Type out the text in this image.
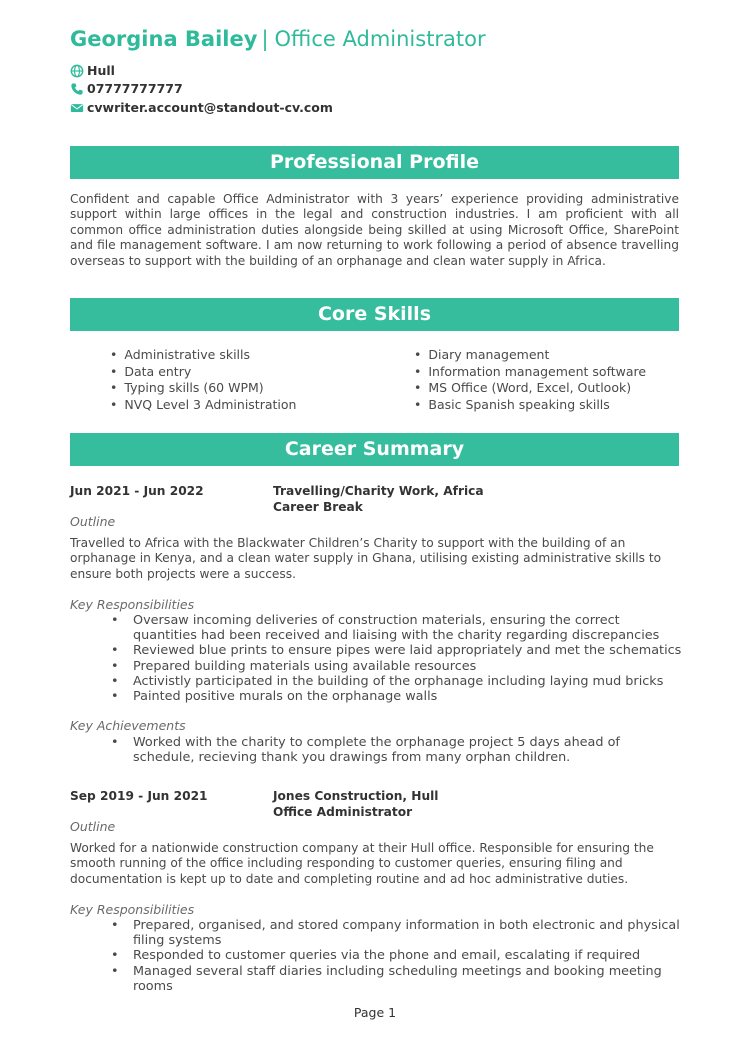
Georgina Bailey | Office Administrator
Hull
07777777777
cvwriter.account@standout-cv.com
Professional Profile
Confident and capable Office Administrator with 3 years’ experience providing administrative support within large offices in the legal and construction industries. I am proficient with all common office administration duties alongside being skilled at using Microsoft Office, SharePoint and file management software. I am now returning to work following a period of absence travelling overseas to support with the building of an orphanage and clean water supply in Africa.
Core Skills
• Administrative skills
• Data entry
• Typing skills (60 WPM)
• NVQ Level 3 Administration
• Diary management
• Information management software
• MS Office (Word, Excel, Outlook)
• Basic Spanish speaking skills
Career Summary
Jun 2021 - Jun 2022	Travelling/Charity Work, Africa
Career Break
Outline
Travelled to Africa with the Blackwater Children’s Charity to support with the building of an orphanage in Kenya, and a clean water supply in Ghana, utilising existing administrative skills to ensure both projects were a success.
Key Responsibilities
• Oversaw incoming deliveries of construction materials, ensuring the correct quantities had been received and liaising with the charity regarding discrepancies
• Reviewed blue prints to ensure pipes were laid appropriately and met the schematics
• Prepared building materials using available resources
• Activistly participated in the building of the orphanage including laying mud bricks
• Painted positive murals on the orphanage walls
Key Achievements
• Worked with the charity to complete the orphanage project 5 days ahead of schedule, recieving thank you drawings from many orphan children.
Sep 2019 - Jun 2021	Jones Construction, Hull
Office Administrator
Outline
Worked for a nationwide construction company at their Hull office. Responsible for ensuring the smooth running of the office including responding to customer queries, ensuring filing and documentation is kept up to date and completing routine and ad hoc administrative duties.
Key Responsibilities
• Prepared, organised, and stored company information in both electronic and physical filing systems
• Responded to customer queries via the phone and email, escalating if required
• Managed several staff diaries including scheduling meetings and booking meeting rooms
Page 1
